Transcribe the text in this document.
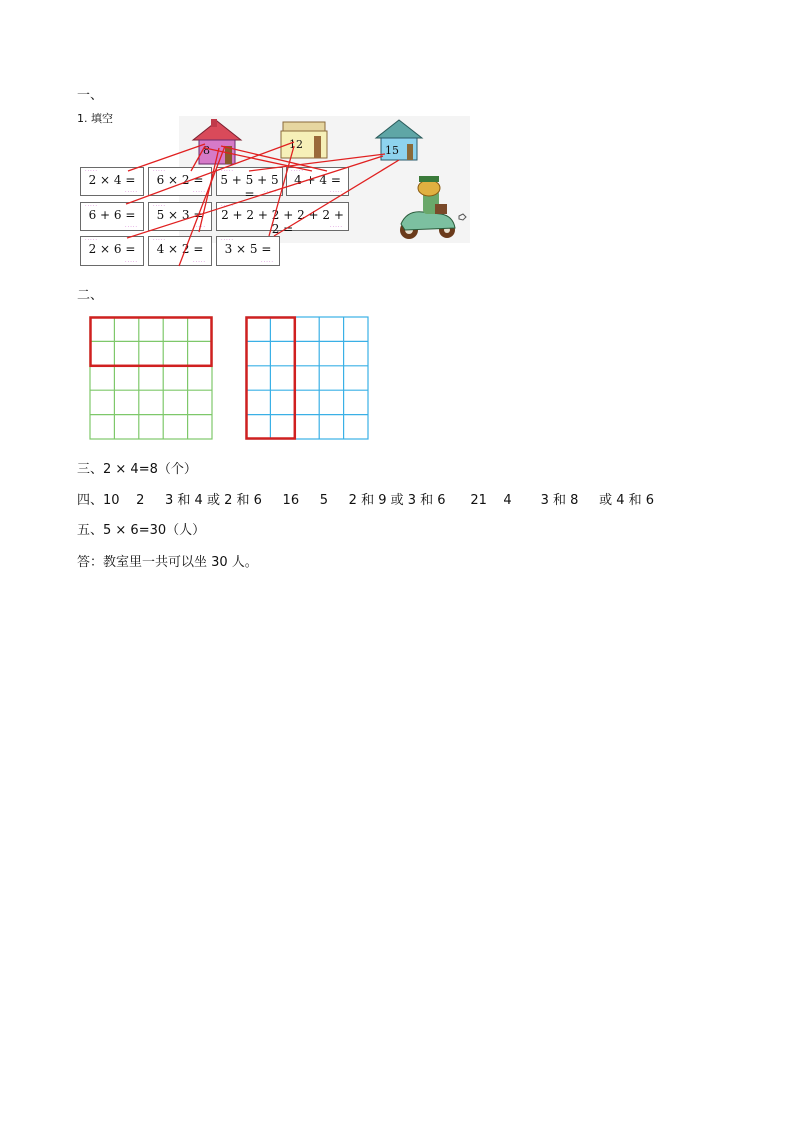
一、
1. 填空
8	12	15
·····
2 × 4 =
·····
·····
6 × 2 =
·····
·····
5 + 5 + 5 =	·····
·····
4 + 4 =
·····
·····
6 + 6 =
·····
·····
5 × 3 =
·····
·····
2 + 2 + 2 + 2 + 2 + 2 =	·····
·····
2 × 6 =
·····
·····
4 × 2 =
·····
·····
3 × 5 =
·····
二、
三、2 × 4=8（个）
四、10    2     3 和 4 或 2 和 6     16     5     2 和 9 或 3 和 6      21    4       3 和 8     或 4 和 6
五、5 × 6=30（人）
答：教室里一共可以坐 30 人。
